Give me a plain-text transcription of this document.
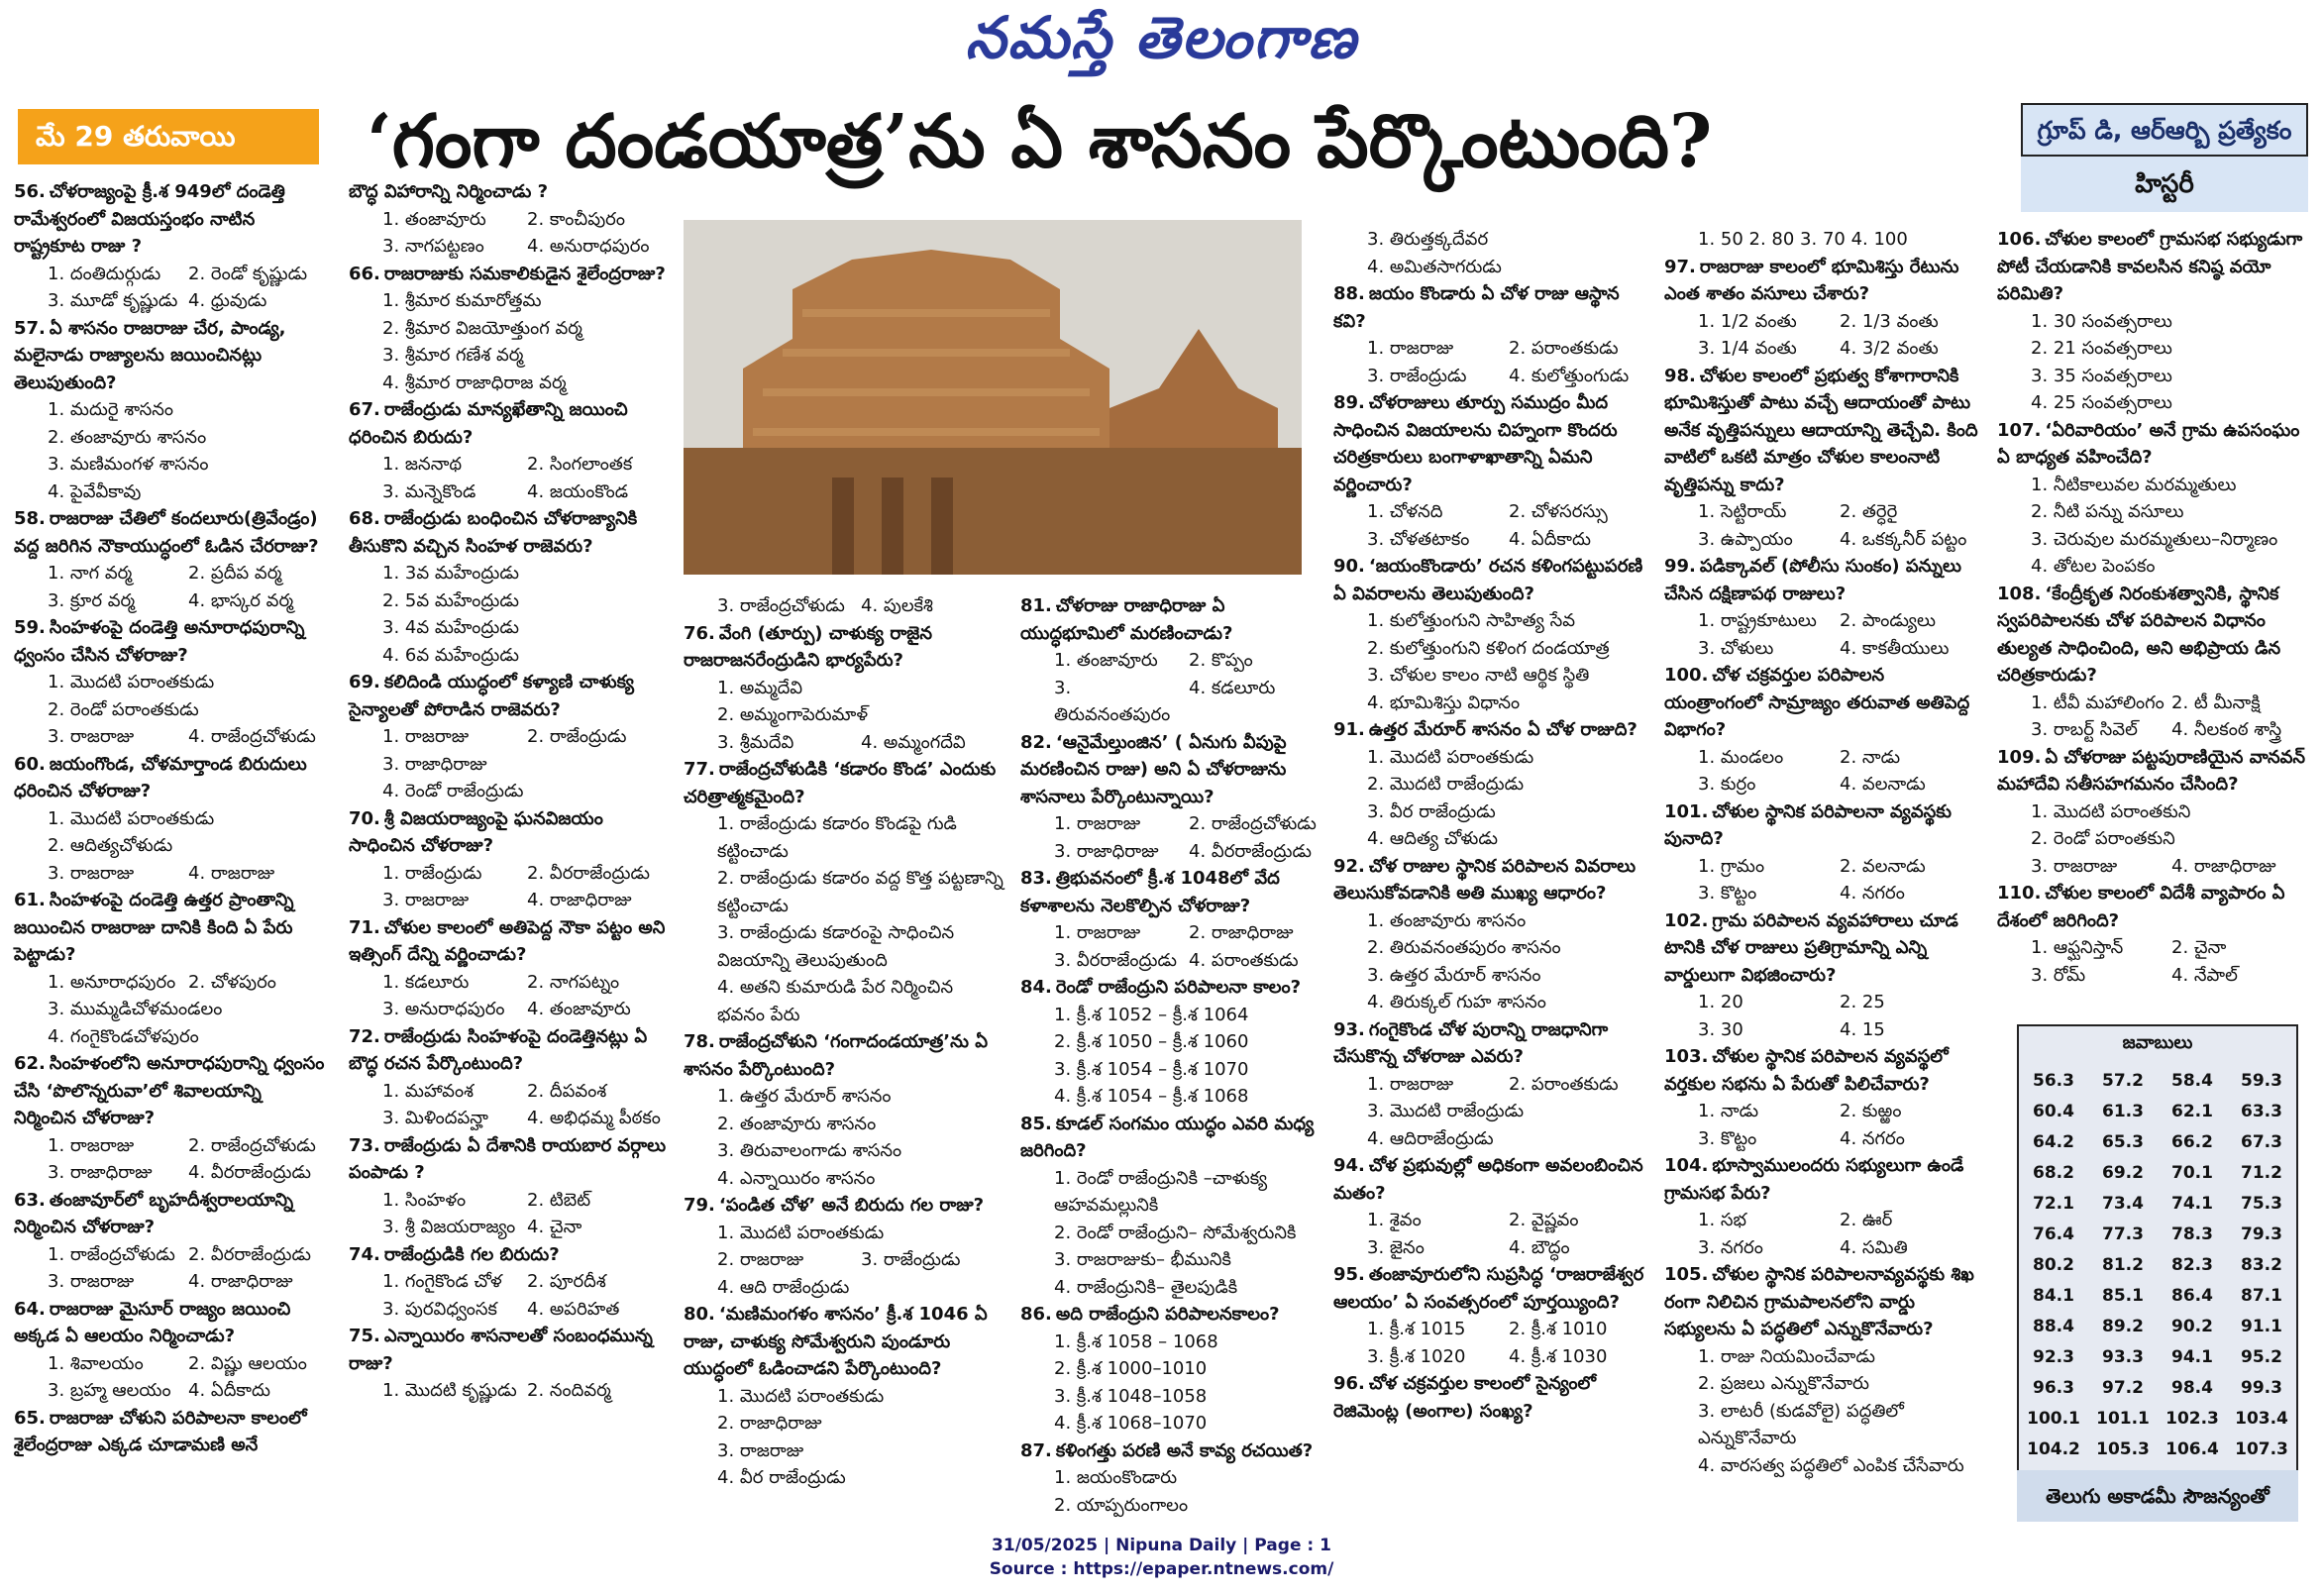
నమస్తే తెలంగాణ
మే 29 తరువాయి	‘గంగా దండయాత్ర’ను ఏ శాసనం పేర్కొంటుంది?	గ్రూప్ డి, ఆర్ఆర్బి ప్రత్యేకం
హిస్టరీ
56. చోళరాజ్యంపై క్రీ.శ 949లో దండెత్తి రామేశ్వరంలో విజయస్తంభం నాటిన రాష్ట్రకూట రాజు ?
1. దంతిదుర్గుడు	2. రెండో కృష్ణుడు
3. మూడో కృష్ణుడు 4. ధ్రువుడు
57. ఏ శాసనం రాజరాజు చేర, పాండ్య, మలైనాడు రాజ్యాలను జయించినట్లు తెలుపుతుంది?
1. మదురై శాసనం
2. తంజావూరు శాసనం
3. మణిమంగళ శాసనం
4. పైవేవీకావు
58. రాజరాజు చేతిలో కందలూరు(త్రివేండ్రం) వద్ద జరిగిన నౌకాయుద్ధంలో ఓడిన చేరరాజు?
1. నాగ వర్మ	2. ప్రదీప వర్మ
3. క్రూర వర్మ	4. భాస్కర వర్మ
59. సింహళంపై దండెత్తి అనూరాధపురాన్ని ధ్వంసం చేసిన చోళరాజు?
1. మొదటి పరాంతకుడు
2. రెండో పరాంతకుడు
3. రాజరాజు	4. రాజేంద్రచోళుడు
60. జయంగొండ, చోళమార్తాండ బిరుదులు ధరించిన చోళరాజు?
1. మొదటి పరాంతకుడు
2. ఆదిత్యచోళుడు
3. రాజరాజు	4. రాజరాజు
61. సింహళంపై దండెత్తి ఉత్తర ప్రాంతాన్ని జయించిన రాజరాజు దానికి కింది ఏ పేరు పెట్టాడు?
1. అనూరాధపురం 2. చోళపురం
3. ముమ్మడిచోళమండలం
4. గంగైకొండచోళపురం
62. సింహళంలోని అనూరాధపురాన్ని ధ్వంసం చేసి ‘పొలొన్నరువా’లో శివాలయాన్ని నిర్మించిన చోళరాజు?
1. రాజరాజు	2. రాజేంద్రచోళుడు
3. రాజాధిరాజు	4. వీరరాజేంద్రుడు
63. తంజావూర్‌లో బృహదీశ్వరాలయాన్ని నిర్మించిన చోళరాజు?
1. రాజేంద్రచోళుడు 2. వీరరాజేంద్రుడు
3. రాజరాజు	4. రాజాధిరాజు
64. రాజరాజు మైసూర్ రాజ్యం జయించి అక్కడ ఏ ఆలయం నిర్మించాడు?
1. శివాలయం	2. విష్ణు ఆలయం
3. బ్రహ్మ ఆలయం 4. ఏదీకాదు
65. రాజరాజు చోళుని పరిపాలనా కాలంలో శైలేంద్రరాజు ఎక్కడ చూడామణి అనే
బౌద్ధ విహారాన్ని నిర్మించాడు ?
1. తంజావూరు	2. కాంచీపురం
3. నాగపట్టణం	4. అనురాధపురం
66. రాజరాజుకు సమకాలికుడైన శైలేంద్రరాజు?
1. శ్రీమార కుమారోత్తమ
2. శ్రీమార విజయోత్తుంగ వర్మ
3. శ్రీమార గణేశ వర్మ
4. శ్రీమార రాజాధిరాజ వర్మ
67. రాజేంద్రుడు మాన్యఖేతాన్ని జయించి ధరించిన బిరుదు?
1. జననాథ	2. సింగలాంతక
3. మన్నెకొండ	4. జయంకొండ
68. రాజేంద్రుడు బంధించిన చోళరాజ్యానికి తీసుకొని వచ్చిన సింహళ రాజెవరు?
1. 3వ మహేంద్రుడు
2. 5వ మహేంద్రుడు
3. 4వ మహేంద్రుడు
4. 6వ మహేంద్రుడు
69. కలిదిండి యుద్ధంలో కళ్యాణి చాళుక్య సైన్యాలతో పోరాడిన రాజెవరు?
1. రాజరాజు	2. రాజేంద్రుడు
3. రాజాధిరాజు
4. రెండో రాజేంద్రుడు
70. శ్రీ విజయరాజ్యంపై ఘనవిజయం సాధించిన చోళరాజు?
1. రాజేంద్రుడు	2. వీరరాజేంద్రుడు
3. రాజరాజు	4. రాజాధిరాజు
71. చోళుల కాలంలో అతిపెద్ద నౌకా పట్టం అని ఇత్సింగ్ దేన్ని వర్ణించాడు?
1. కడలూరు	2. నాగపట్నం
3. అనురాధపురం	4. తంజావూరు
72. రాజేంద్రుడు సింహళంపై దండెత్తినట్లు ఏ బౌద్ధ రచన పేర్కొంటుంది?
1. మహావంశ	2. దీపవంశ
3. మిళిందపన్హా	4. అభిధమ్మ పీఠకం
73. రాజేంద్రుడు ఏ దేశానికి రాయబార వర్గాలు పంపాడు ?
1. సింహళం	2. టిబెట్
3. శ్రీ విజయరాజ్యం 4. చైనా
74. రాజేంద్రుడికి గల బిరుదు?
1. గంగైకొండ చోళ	2. పూరదీశ
3. పురవిధ్వంసక	4. అపరిహత
75. ఎన్నాయిరం శాసనాలతో సంబంధమున్న రాజు?
1. మొదటి కృష్ణుడు 2. నందివర్మ
3. రాజేంద్రచోళుడు 4. పులకేశి
76. వేంగి (తూర్పు) చాళుక్య రాజైన రాజరాజనరేంద్రుడిని భార్యపేరు?
1. అమ్మదేవి
2. అమ్మంగాపెరుమాళ్
3. శ్రీమదేవి	4. అమ్మంగదేవి
77. రాజేంద్రచోళుడికి ‘కడారం కొండ’ ఎందుకు చరిత్రాత్మకమైంది?
1. రాజేంద్రుడు కడారం కొండపై గుడి కట్టించాడు
2. రాజేంద్రుడు కడారం వద్ద కొత్త పట్టణాన్ని కట్టించాడు
3. రాజేంద్రుడు కడారంపై సాధించిన విజయాన్ని తెలుపుతుంది
4. అతని కుమారుడి పేర నిర్మించిన భవనం పేరు
78. రాజేంద్రచోళుని ‘గంగాదండయాత్ర’ను ఏ శాసనం పేర్కొంటుంది?
1. ఉత్తర మేరూర్ శాసనం
2. తంజావూరు శాసనం
3. తిరువాలంగాడు శాసనం
4. ఎన్నాయిరం శాసనం
79. ‘పండిత చోళ’ అనే బిరుదు గల రాజు?
1. మొదటి పరాంతకుడు
2. రాజరాజు	3. రాజేంద్రుడు
4. ఆది రాజేంద్రుడు
80. ‘మణిమంగళం శాసనం’ క్రీ.శ 1046 ఏ రాజు, చాళుక్య సోమేశ్వరుని పుండూరు యుద్ధంలో ఓడించాడని పేర్కొంటుంది?
1. మొదటి పరాంతకుడు
2. రాజాధిరాజు
3. రాజరాజు
4. వీర రాజేంద్రుడు
81. చోళరాజు రాజాధిరాజు ఏ యుద్ధభూమిలో మరణించాడు?
1. తంజావూరు	2. కొప్పం
3. తిరువనంతపురం
4. కడలూరు
82. ‘ఆనైమేల్తుంజిన’ ( ఏనుగు వీపుపై మరణించిన రాజు) అని ఏ చోళరాజును శాసనాలు పేర్కొంటున్నాయి?
1. రాజరాజు	2. రాజేంద్రచోళుడు
3. రాజాధిరాజు	4. వీరరాజేంద్రుడు
83. త్రిభువనంలో క్రీ.శ 1048లో వేద కళాశాలను నెలకొల్పిన చోళరాజు?
1. రాజరాజు	2. రాజాధిరాజు
3. వీరరాజేంద్రుడు 4. పరాంతకుడు
84. రెండో రాజేంద్రుని పరిపాలనా కాలం?
1. క్రీ.శ 1052 – క్రీ.శ 1064
2. క్రీ.శ 1050 – క్రీ.శ 1060
3. క్రీ.శ 1054 – క్రీ.శ 1070
4. క్రీ.శ 1054 – క్రీ.శ 1068
85. కూడల్ సంగమం యుద్ధం ఎవరి మధ్య జరిగింది?
1. రెండో రాజేంద్రునికి –చాళుక్య ఆహవమల్లునికి
2. రెండో రాజేంద్రుని– సోమేశ్వరునికి
3. రాజరాజుకు– భీమునికి
4. రాజేంద్రునికి– తైలపుడికి
86. అది రాజేంద్రుని పరిపాలనకాలం?
1. క్రీ.శ 1058 – 1068
2. క్రీ.శ 1000–1010
3. క్రీ.శ 1048–1058
4. క్రీ.శ 1068–1070
87. కళింగత్తు పరణి అనే కావ్య రచయిత?
1. జయంకొండారు
2. యాప్పరుంగాలం
3. తిరుత్తక్కదేవర
4. అమితసాగరుడు
88. జయం కొండారు ఏ చోళ రాజు ఆస్థాన కవి?
1. రాజరాజు	2. పరాంతకుడు
3. రాజేంద్రుడు	4. కులోత్తుంగుడు
89. చోళరాజులు తూర్పు సముద్రం మీద సాధించిన విజయాలను చిహ్నంగా కొందరు చరిత్రకారులు బంగాళాఖాతాన్ని ఏమని వర్ణించారు?
1. చోళనది	2. చోళసరస్సు
3. చోళతటాకం	4. ఏదీకాదు
90. ‘జయంకొండారు’ రచన కళింగపట్టుపరణి ఏ వివరాలను తెలుపుతుంది?
1. కులోత్తుంగుని సాహిత్య సేవ
2. కులోత్తుంగుని కళింగ దండయాత్ర
3. చోళుల కాలం నాటి ఆర్థిక స్థితి
4. భూమిశిస్తు విధానం
91. ఉత్తర మేరూర్ శాసనం ఏ చోళ రాజుది?
1. మొదటి పరాంతకుడు
2. మొదటి రాజేంద్రుడు
3. వీర రాజేంద్రుడు
4. ఆదిత్య చోళుడు
92. చోళ రాజుల స్థానిక పరిపాలన వివరాలు తెలుసుకోవడానికి అతి ముఖ్య ఆధారం?
1. తంజావూరు శాసనం
2. తిరువనంతపురం శాసనం
3. ఉత్తర మేరూర్ శాసనం
4. తిరుక్కల్ గుహ శాసనం
93. గంగైకొండ చోళ పురాన్ని రాజధానిగా చేసుకొన్న చోళరాజు ఎవరు?
1. రాజరాజు	2. పరాంతకుడు
3. మొదటి రాజేంద్రుడు
4. ఆదిరాజేంద్రుడు
94. చోళ ప్రభువుల్లో అధికంగా అవలంబించిన మతం?
1. శైవం	2. వైష్ణవం
3. జైనం	4. బౌద్ధం
95. తంజావూరులోని సుప్రసిద్ధ ‘రాజరాజేశ్వర ఆలయం’ ఏ సంవత్సరంలో పూర్తయ్యింది?
1. క్రీ.శ 1015	2. క్రీ.శ 1010
3. క్రీ.శ 1020	4. క్రీ.శ 1030
96. చోళ చక్రవర్తుల కాలంలో సైన్యంలో రెజిమెంట్ల (అంగాల) సంఖ్య?
1. 50 2. 80 3. 70 4. 100
97. రాజరాజు కాలంలో భూమిశిస్తు రేటును ఎంత శాతం వసూలు చేశారు?
1. 1/2 వంతు	2. 1/3 వంతు
3. 1/4 వంతు	4. 3/2 వంతు
98. చోళుల కాలంలో ప్రభుత్వ కోశాగారానికి భూమిశిస్తుతో పాటు వచ్చే ఆదాయంతో పాటు అనేక వృత్తిపన్నులు ఆదాయాన్ని తెచ్చేవి. కింది వాటిలో ఒకటి మాత్రం చోళుల కాలంనాటి వృత్తిపన్ను కాదు?
1. సెట్టిరాయ్	2. తర్ధెరై
3. ఉప్పాయం	4. ఒకక్కనీర్ పట్టం
99. పడిక్కావల్ (పోలీసు సుంకం) పన్నులు చేసిన దక్షిణాపథ రాజులు?
1. రాష్ట్రకూటులు	2. పాండ్యులు
3. చోళులు	4. కాకతీయులు
100. చోళ చక్రవర్తుల పరిపాలన యంత్రాంగంలో సామ్రాజ్యం తరువాత అతిపెద్ద విభాగం?
1. మండలం	2. నాడు
3. కుర్రం	4. వలనాడు
101. చోళుల స్థానిక పరిపాలనా వ్యవస్థకు పునాది?
1. గ్రామం	2. వలనాడు
3. కొట్టం	4. నగరం
102. గ్రామ పరిపాలన వ్యవహారాలు చూడ టానికి చోళ రాజులు ప్రతిగ్రామాన్ని ఎన్ని వార్డులుగా విభజించారు?
1. 20	2. 25
3. 30	4. 15
103. చోళుల స్థానిక పరిపాలన వ్యవస్థలో వర్తకుల సభను ఏ పేరుతో పిలిచేవారు?
1. నాడు	2. కుఱ్ఱం
3. కొట్టం	4. నగరం
104. భూస్వాములందరు సభ్యులుగా ఉండే గ్రామసభ పేరు?
1. సభ	2. ఊర్
3. నగరం	4. సమితి
105. చోళుల స్థానిక పరిపాలనావ్యవస్థకు శిఖ రంగా నిలిచిన గ్రామపాలనలోని వార్డు సభ్యులను ఏ పద్ధతిలో ఎన్నుకొనేవారు?
1. రాజు నియమించేవాడు
2. ప్రజలు ఎన్నుకొనేవారు
3. లాటరీ (కుడవోలై) పద్ధతిలో ఎన్నుకొనేవారు
4. వారసత్వ పద్ధతిలో ఎంపిక చేసేవారు
106. చోళుల కాలంలో గ్రామసభ సభ్యుడుగా పోటీ చేయడానికి కావలసిన కనిష్ఠ వయో పరిమితి?
1. 30 సంవత్సరాలు
2. 21 సంవత్సరాలు
3. 35 సంవత్సరాలు
4. 25 సంవత్సరాలు
107. ‘ఏరివారియం’ అనే గ్రామ ఉపసంఘం ఏ బాధ్యత వహించేది?
1. నీటికాలువల మరమ్మతులు
2. నీటి పన్ను వసూలు
3. చెరువుల మరమ్మతులు–నిర్మాణం
4. తోటల పెంపకం
108. ‘కేంద్రీకృత నిరంకుశత్వానికి, స్థానిక స్వపరిపాలనకు చోళ పరిపాలన విధానం తుల్యత సాధించింది, అని అభిప్రాయ డిన చరిత్రకారుడు?
1. టీవీ మహాలింగం 2. టీ మీనాక్షి
3. రాబర్ట్ సివెల్	4. నీలకంఠ శాస్త్రి
109. ఏ చోళరాజు పట్టపురాణియైన వానవన్ మహాదేవి సతీసహగమనం చేసింది?
1. మొదటి పరాంతకుని
2. రెండో పరాంతకుని
3. రాజరాజు	4. రాజాధిరాజు
110. చోళుల కాలంలో విదేశీ వ్యాపారం ఏ దేశంలో జరిగింది?
1. ఆఫ్ఘనిస్తాన్	2. చైనా
3. రోమ్	4. నేపాల్
జవాబులు
56.3	57.2	58.4	59.3
60.4	61.3	62.1	63.3
64.2	65.3	66.2	67.3
68.2	69.2	70.1	71.2
72.1	73.4	74.1	75.3
76.4	77.3	78.3	79.3
80.2	81.2	82.3	83.2
84.1	85.1	86.4	87.1
88.4	89.2	90.2	91.1
92.3	93.3	94.1	95.2
96.3	97.2	98.4	99.3
100.1	101.1	102.3	103.4
104.2	105.3	106.4	107.3

తెలుగు అకాడమీ సౌజన్యంతో
31/05/2025 | Nipuna Daily | Page : 1
Source : https://epaper.ntnews.com/
